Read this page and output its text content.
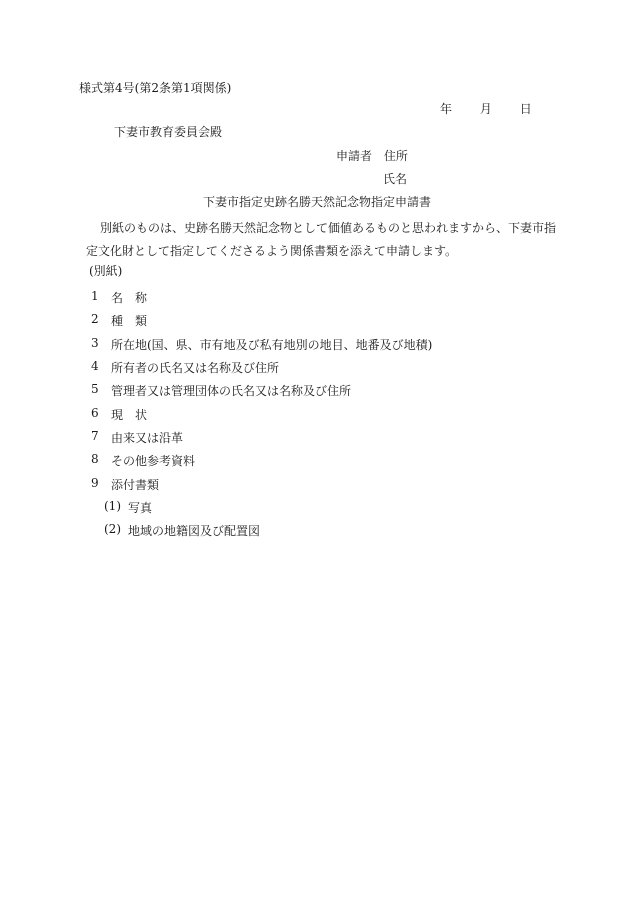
様式第4号(第2条第1項関係)
年 月 日
下妻市教育委員会殿
申請者 住所
氏名
下妻市指定史跡名勝天然記念物指定申請書
別紙のものは、史跡名勝天然記念物として価値あるものと思われますから、下妻市指
定文化財として指定してくださるよう関係書類を添えて申請します。
(別紙)
1 名　称
2 種　類
3 所在地(国、県、市有地及び私有地別の地目、地番及び地積)
4 所有者の氏名又は名称及び住所
5 管理者又は管理団体の氏名又は名称及び住所
6 現　状
7 由来又は沿革
8 その他参考資料
9 添付書類
(1) 写真
(2) 地域の地籍図及び配置図
